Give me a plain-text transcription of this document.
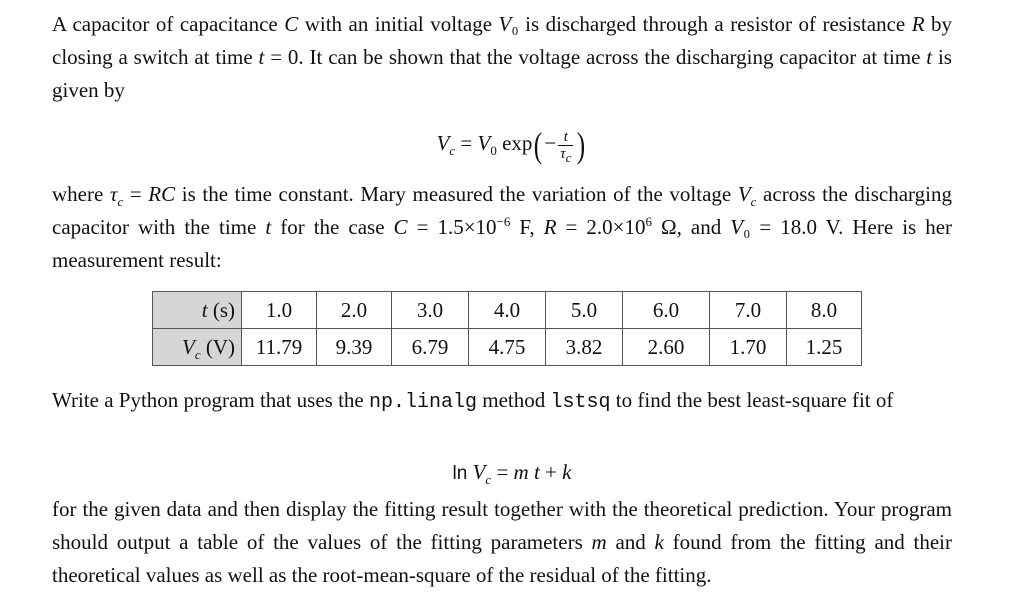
A capacitor of capacitance C with an initial voltage V₀ is discharged through a resistor of resistance R by closing a switch at time t = 0. It can be shown that the voltage across the discharging capacitor at time t is given by
$V_c = V_0$ $\exp(- \frac{t}{\tau_c}$ )
where $\tau_c$ = RC is the time constant. Mary measured the variation of the voltage $V_c$ across the discharging capacitor with the time t for the case $C = 1.5\times 10^{-6}$ F, $R = 2.0\times 10^6$ Ω, and V₀ = 18.0 V. Here is her measurement result:
t (s)	1.0	2.0	3.0	4.0	5.0	6.0	7.0	8.0
$V_c$ (V)	11.79	9.39	6.79	4.75	3.82	2.60	1.70	1.25
Write a Python program that uses the np.linalg method lstsq to find the best least-square fit of
$\ln V_c = m$ t + k
for the given data and then display the fitting result together with the theoretical prediction. Your program should output a table of the values of the fitting parameters m and k found from the fitting and their theoretical values as well as the root-mean-square of the residual of the fitting.
